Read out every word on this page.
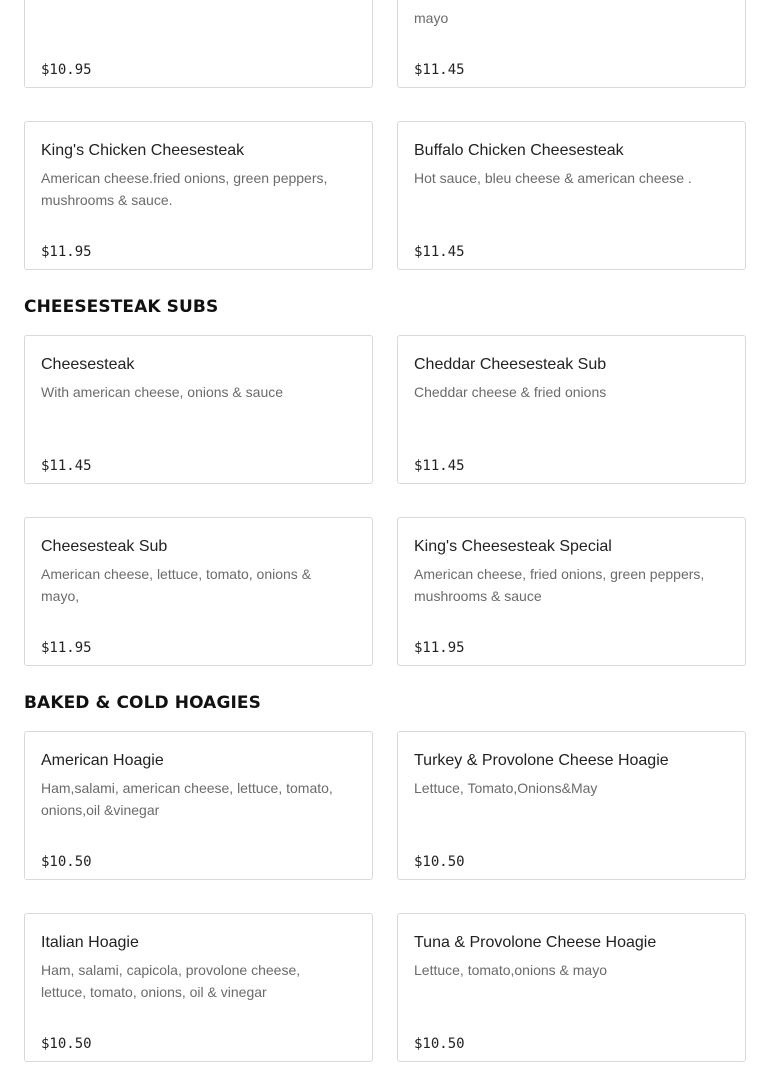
$10.95
mayo
$11.45
King's Chicken Cheesesteak
American cheese.fried onions, green peppers, mushrooms & sauce.
$11.95
Buffalo Chicken Cheesesteak
Hot sauce, bleu cheese & american cheese .
$11.45
CHEESESTEAK SUBS
Cheesesteak
With american cheese, onions & sauce
$11.45
Cheddar Cheesesteak Sub
Cheddar cheese & fried onions
$11.45
Cheesesteak Sub
American cheese, lettuce, tomato, onions & mayo,
$11.95
King's Cheesesteak Special
American cheese, fried onions, green peppers, mushrooms & sauce
$11.95
BAKED & COLD HOAGIES
American Hoagie
Ham,salami, american cheese, lettuce, tomato, onions,oil &vinegar
$10.50
Turkey & Provolone Cheese Hoagie
Lettuce, Tomato,Onions&May
$10.50
Italian Hoagie
Ham, salami, capicola, provolone cheese, lettuce, tomato, onions, oil & vinegar
$10.50
Tuna & Provolone Cheese Hoagie
Lettuce, tomato,onions & mayo
$10.50
